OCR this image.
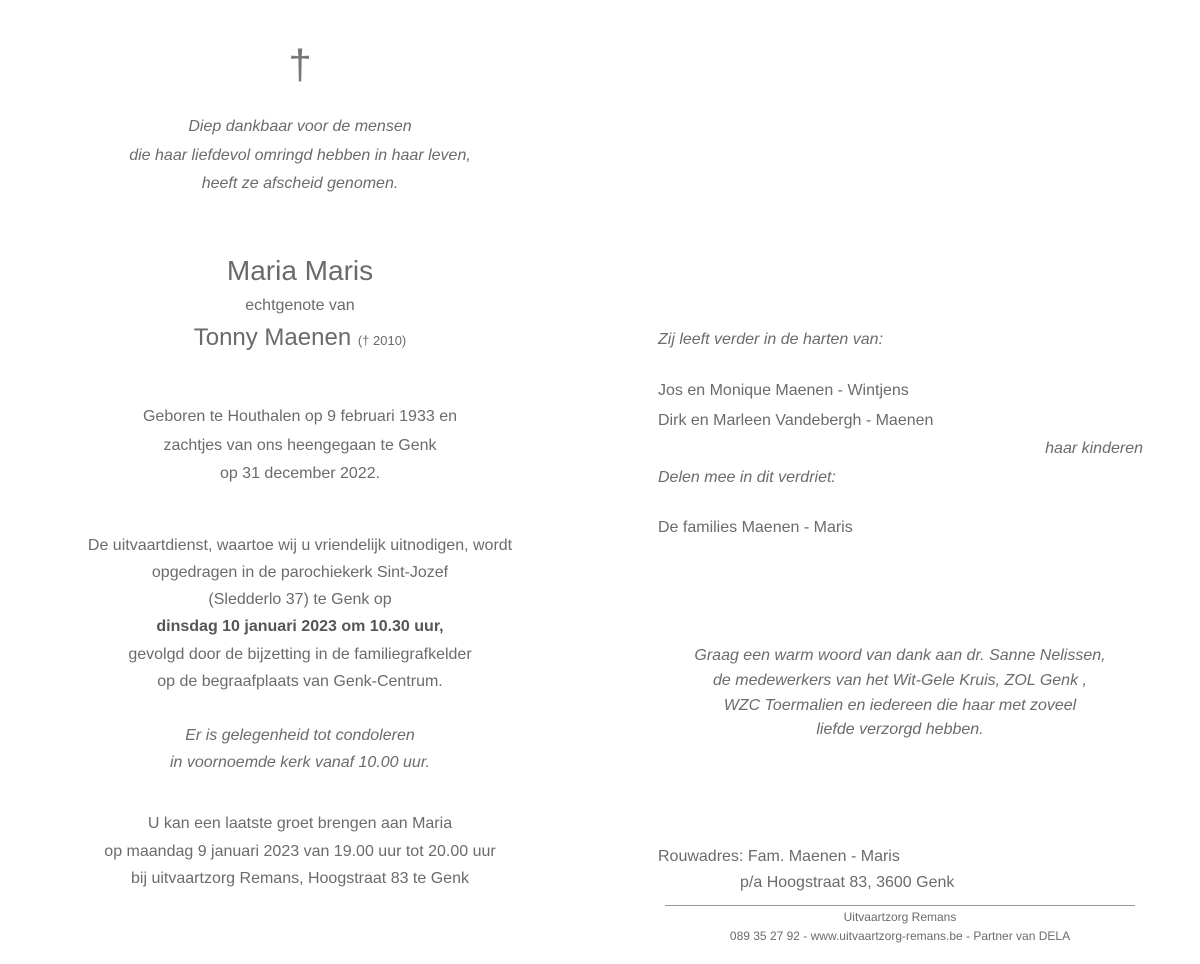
†
Diep dankbaar voor de mensen
die haar liefdevol omringd hebben in haar leven,
heeft ze afscheid genomen.
Maria Maris
echtgenote van
Tonny Maenen († 2010)
Geboren te Houthalen op 9 februari 1933 en
zachtjes van ons heengegaan te Genk
op 31 december 2022.
De uitvaartdienst, waartoe wij u vriendelijk uitnodigen, wordt
opgedragen in de parochiekerk Sint-Jozef
(Sledderlo 37) te Genk op
dinsdag 10 januari 2023 om 10.30 uur,
gevolgd door de bijzetting in de familiegrafkelder
op de begraafplaats van Genk-Centrum.
Er is gelegenheid tot condoleren
in voornoemde kerk vanaf 10.00 uur.
U kan een laatste groet brengen aan Maria
op maandag 9 januari 2023 van 19.00 uur tot 20.00 uur
bij uitvaartzorg Remans, Hoogstraat 83 te Genk
Zij leeft verder in de harten van:
Jos en Monique Maenen - Wintjens
Dirk en Marleen Vandebergh - Maenen
haar kinderen
Delen mee in dit verdriet:
De families Maenen - Maris
Graag een warm woord van dank aan dr. Sanne Nelissen,
de medewerkers van het Wit-Gele Kruis, ZOL Genk ,
WZC Toermalien en iedereen die haar met zoveel
liefde verzorgd hebben.
Rouwadres: Fam. Maenen - Maris
p/a Hoogstraat 83, 3600 Genk
Uitvaartzorg Remans
089 35 27 92 - www.uitvaartzorg-remans.be - Partner van DELA
